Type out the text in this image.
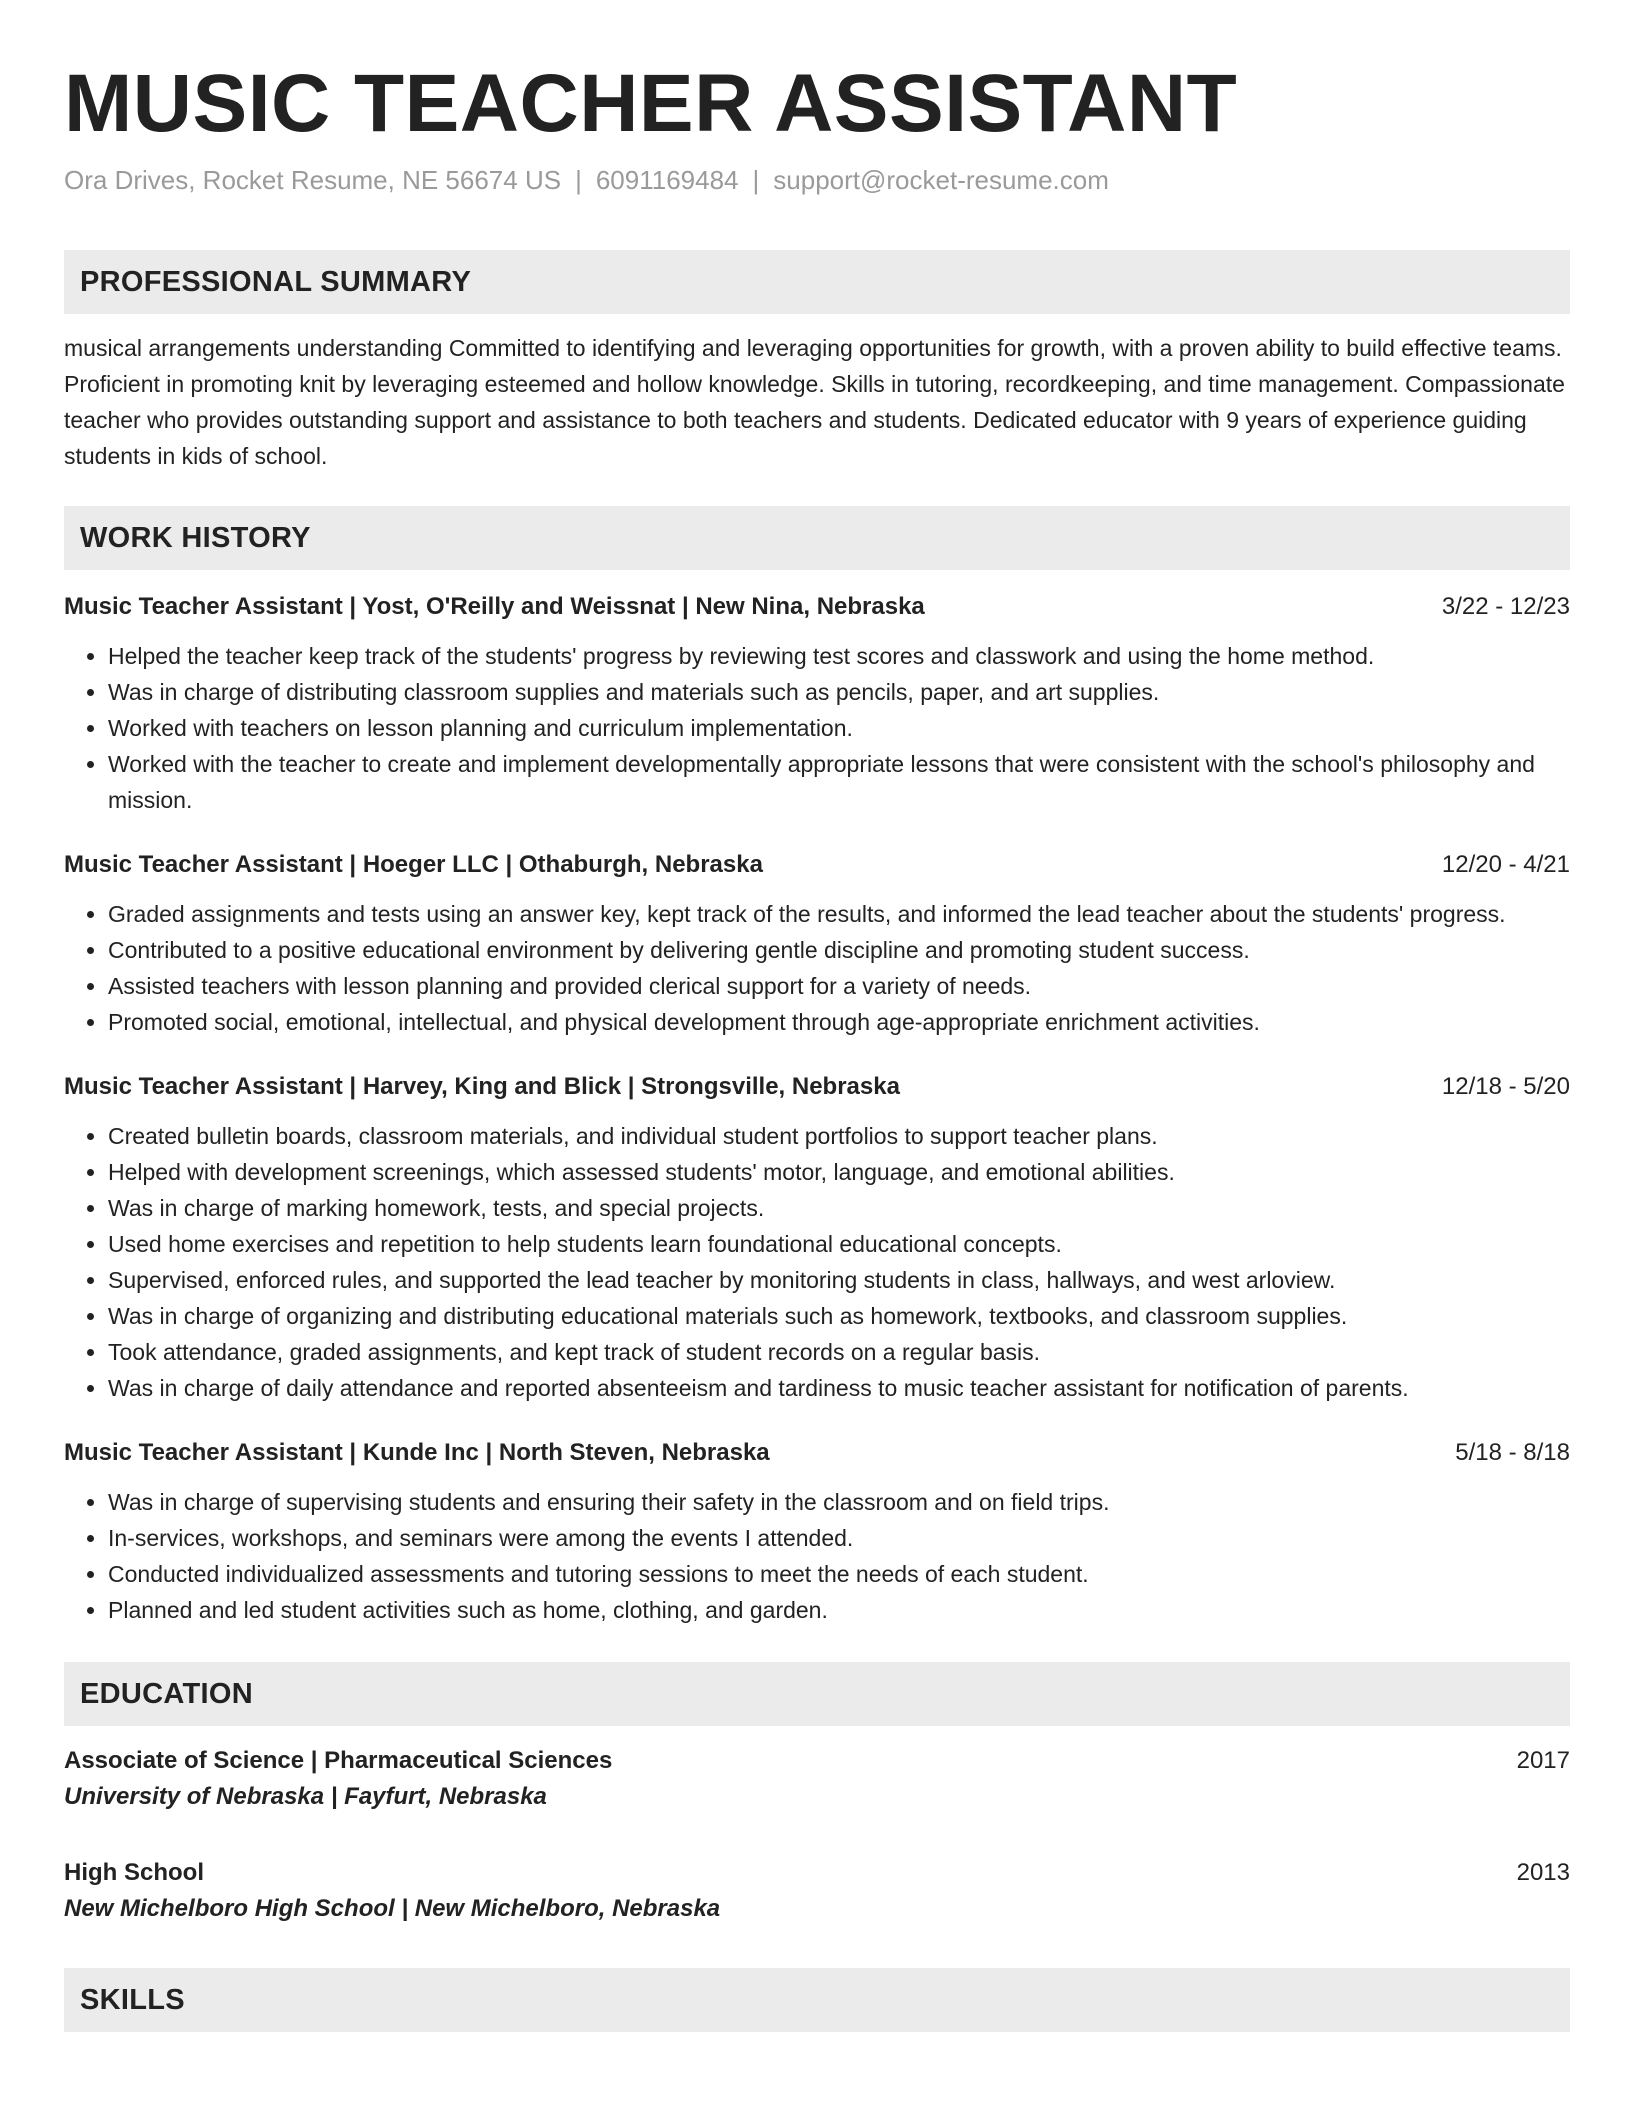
MUSIC TEACHER ASSISTANT
Ora Drives, Rocket Resume, NE 56674 US | 6091169484 | support@rocket-resume.com
PROFESSIONAL SUMMARY
musical arrangements understanding Committed to identifying and leveraging opportunities for growth, with a proven ability to build effective teams. Proficient in promoting knit by leveraging esteemed and hollow knowledge. Skills in tutoring, recordkeeping, and time management. Compassionate teacher who provides outstanding support and assistance to both teachers and students. Dedicated educator with 9 years of experience guiding students in kids of school.
WORK HISTORY
Music Teacher Assistant | Yost, O'Reilly and Weissnat | New Nina, Nebraska	3/22 - 12/23
• Helped the teacher keep track of the students' progress by reviewing test scores and classwork and using the home method.
• Was in charge of distributing classroom supplies and materials such as pencils, paper, and art supplies.
• Worked with teachers on lesson planning and curriculum implementation.
• Worked with the teacher to create and implement developmentally appropriate lessons that were consistent with the school's philosophy and mission.
Music Teacher Assistant | Hoeger LLC | Othaburgh, Nebraska	12/20 - 4/21
• Graded assignments and tests using an answer key, kept track of the results, and informed the lead teacher about the students' progress.
• Contributed to a positive educational environment by delivering gentle discipline and promoting student success.
• Assisted teachers with lesson planning and provided clerical support for a variety of needs.
• Promoted social, emotional, intellectual, and physical development through age-appropriate enrichment activities.
Music Teacher Assistant | Harvey, King and Blick | Strongsville, Nebraska	12/18 - 5/20
• Created bulletin boards, classroom materials, and individual student portfolios to support teacher plans.
• Helped with development screenings, which assessed students' motor, language, and emotional abilities.
• Was in charge of marking homework, tests, and special projects.
• Used home exercises and repetition to help students learn foundational educational concepts.
• Supervised, enforced rules, and supported the lead teacher by monitoring students in class, hallways, and west arloview.
• Was in charge of organizing and distributing educational materials such as homework, textbooks, and classroom supplies.
• Took attendance, graded assignments, and kept track of student records on a regular basis.
• Was in charge of daily attendance and reported absenteeism and tardiness to music teacher assistant for notification of parents.
Music Teacher Assistant | Kunde Inc | North Steven, Nebraska	5/18 - 8/18
• Was in charge of supervising students and ensuring their safety in the classroom and on field trips.
• In-services, workshops, and seminars were among the events I attended.
• Conducted individualized assessments and tutoring sessions to meet the needs of each student.
• Planned and led student activities such as home, clothing, and garden.
EDUCATION
Associate of Science | Pharmaceutical Sciences	2017
University of Nebraska | Fayfurt, Nebraska
High School	2013
New Michelboro High School | New Michelboro, Nebraska
SKILLS
